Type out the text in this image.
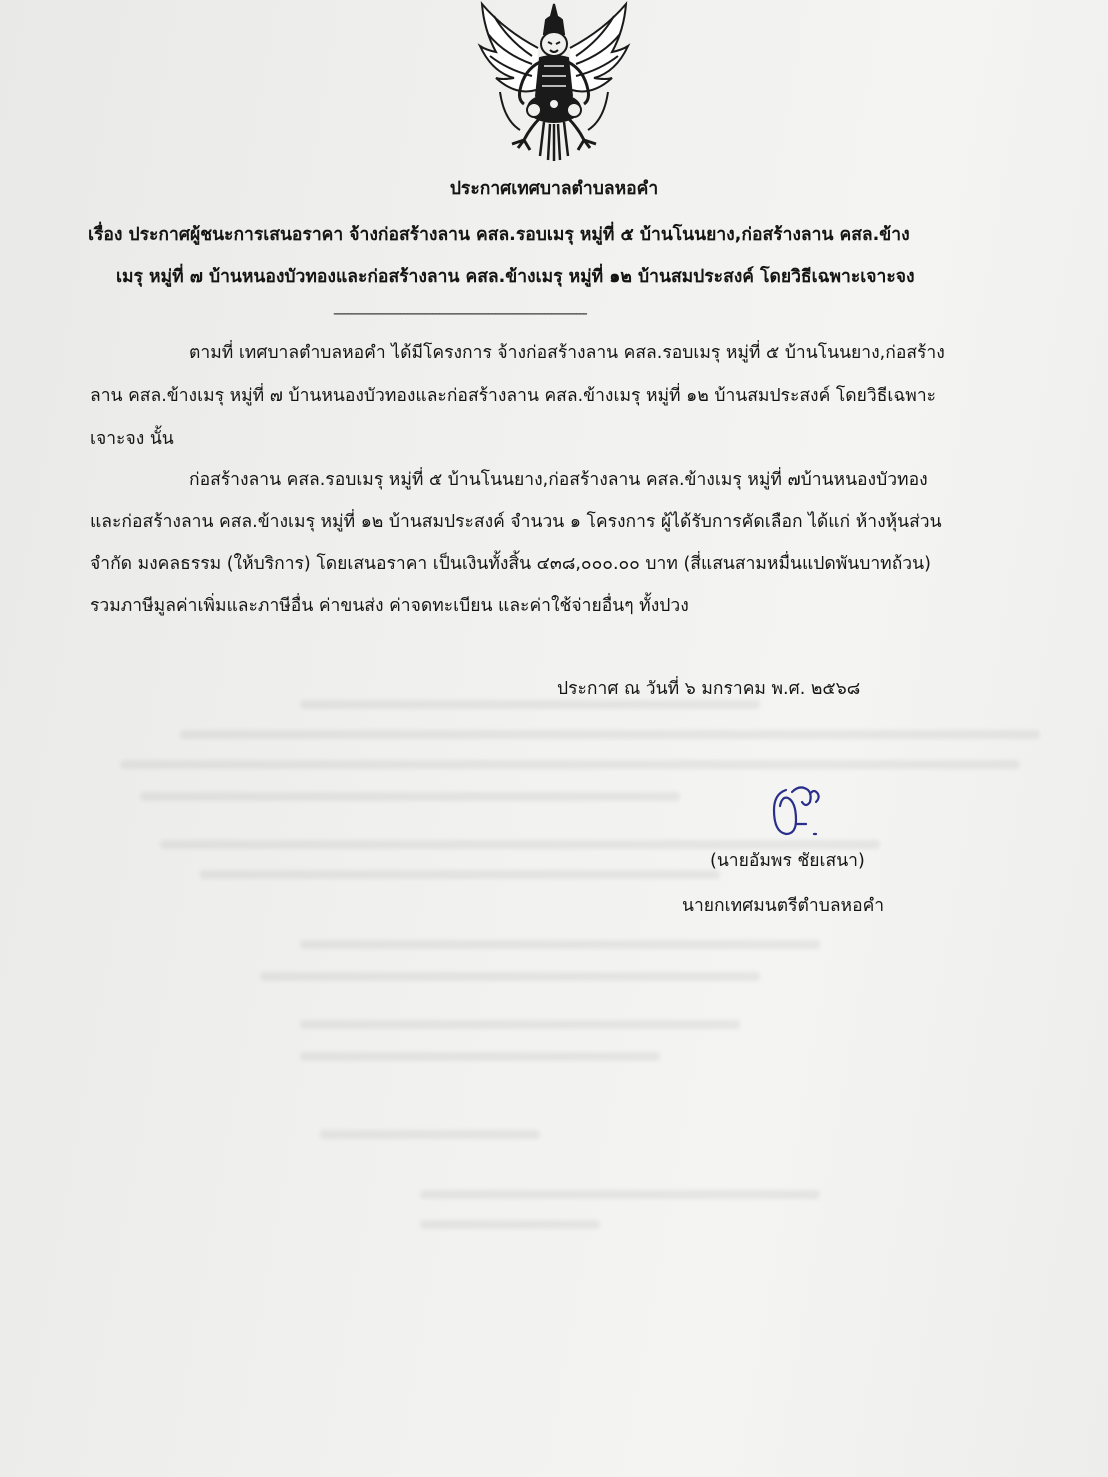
ประกาศเทศบาลตำบลหอคำ
เรื่อง ประกาศผู้ชนะการเสนอราคา จ้างก่อสร้างลาน คสล.รอบเมรุ หมู่ที่ ๕ บ้านโนนยาง,ก่อสร้างลาน คสล.ข้าง
เมรุ หมู่ที่ ๗ บ้านหนองบัวทองและก่อสร้างลาน คสล.ข้างเมรุ หมู่ที่ ๑๒ บ้านสมประสงค์ โดยวิธีเฉพาะเจาะจง
------------------------------------------------------------------------
ตามที่ เทศบาลตำบลหอคำ ได้มีโครงการ จ้างก่อสร้างลาน คสล.รอบเมรุ หมู่ที่ ๕ บ้านโนนยาง,ก่อสร้าง
ลาน คสล.ข้างเมรุ หมู่ที่ ๗ บ้านหนองบัวทองและก่อสร้างลาน คสล.ข้างเมรุ หมู่ที่ ๑๒ บ้านสมประสงค์ โดยวิธีเฉพาะ
เจาะจง นั้น
ก่อสร้างลาน คสล.รอบเมรุ หมู่ที่ ๕ บ้านโนนยาง,ก่อสร้างลาน คสล.ข้างเมรุ หมู่ที่ ๗บ้านหนองบัวทอง
และก่อสร้างลาน คสล.ข้างเมรุ หมู่ที่ ๑๒ บ้านสมประสงค์ จำนวน ๑ โครงการ ผู้ได้รับการคัดเลือก ได้แก่ ห้างหุ้นส่วน
จำกัด มงคลธรรม (ให้บริการ) โดยเสนอราคา เป็นเงินทั้งสิ้น ๔๓๘,๐๐๐.๐๐ บาท (สี่แสนสามหมื่นแปดพันบาทถ้วน)
รวมภาษีมูลค่าเพิ่มและภาษีอื่น ค่าขนส่ง ค่าจดทะเบียน และค่าใช้จ่ายอื่นๆ ทั้งปวง
ประกาศ ณ วันที่ ๖ มกราคม พ.ศ. ๒๕๖๘
(นายอัมพร ชัยเสนา)
นายกเทศมนตรีตำบลหอคำ
